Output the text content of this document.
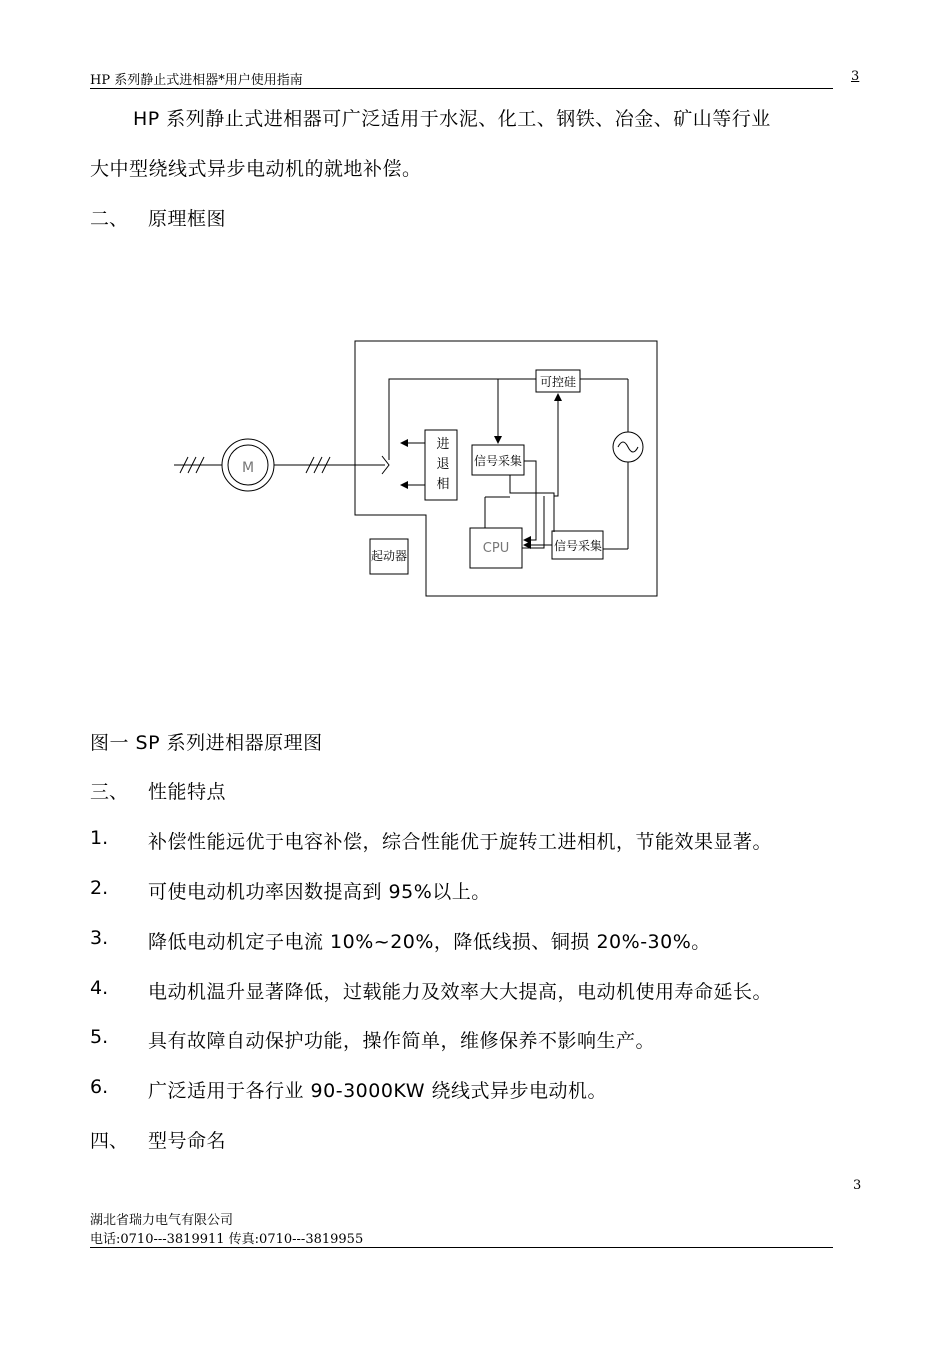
HP 系列静止式进相器*用户使用指南	3
HP 系列静止式进相器可广泛适用于水泥、化工、钢铁、冶金、矿山等行业
大中型绕线式异步电动机的就地补偿。
二、 原理框图
M
可控硅
进
退
相
信号采集
CPU	信号采集
起动器
图一 SP 系列进相器原理图
三、 性能特点
1. 补偿性能远优于电容补偿，综合性能优于旋转工进相机，节能效果显著。
2. 可使电动机功率因数提高到 95%以上。
3. 降低电动机定子电流 10%~20%，降低线损、铜损 20%-30%。
4. 电动机温升显著降低，过载能力及效率大大提高，电动机使用寿命延长。
5. 具有故障自动保护功能，操作简单，维修保养不影响生产。
6. 广泛适用于各行业 90-3000KW 绕线式异步电动机。
四、 型号命名
3
湖北省瑞力电气有限公司
电话:0710---3819911 传真:0710---3819955
